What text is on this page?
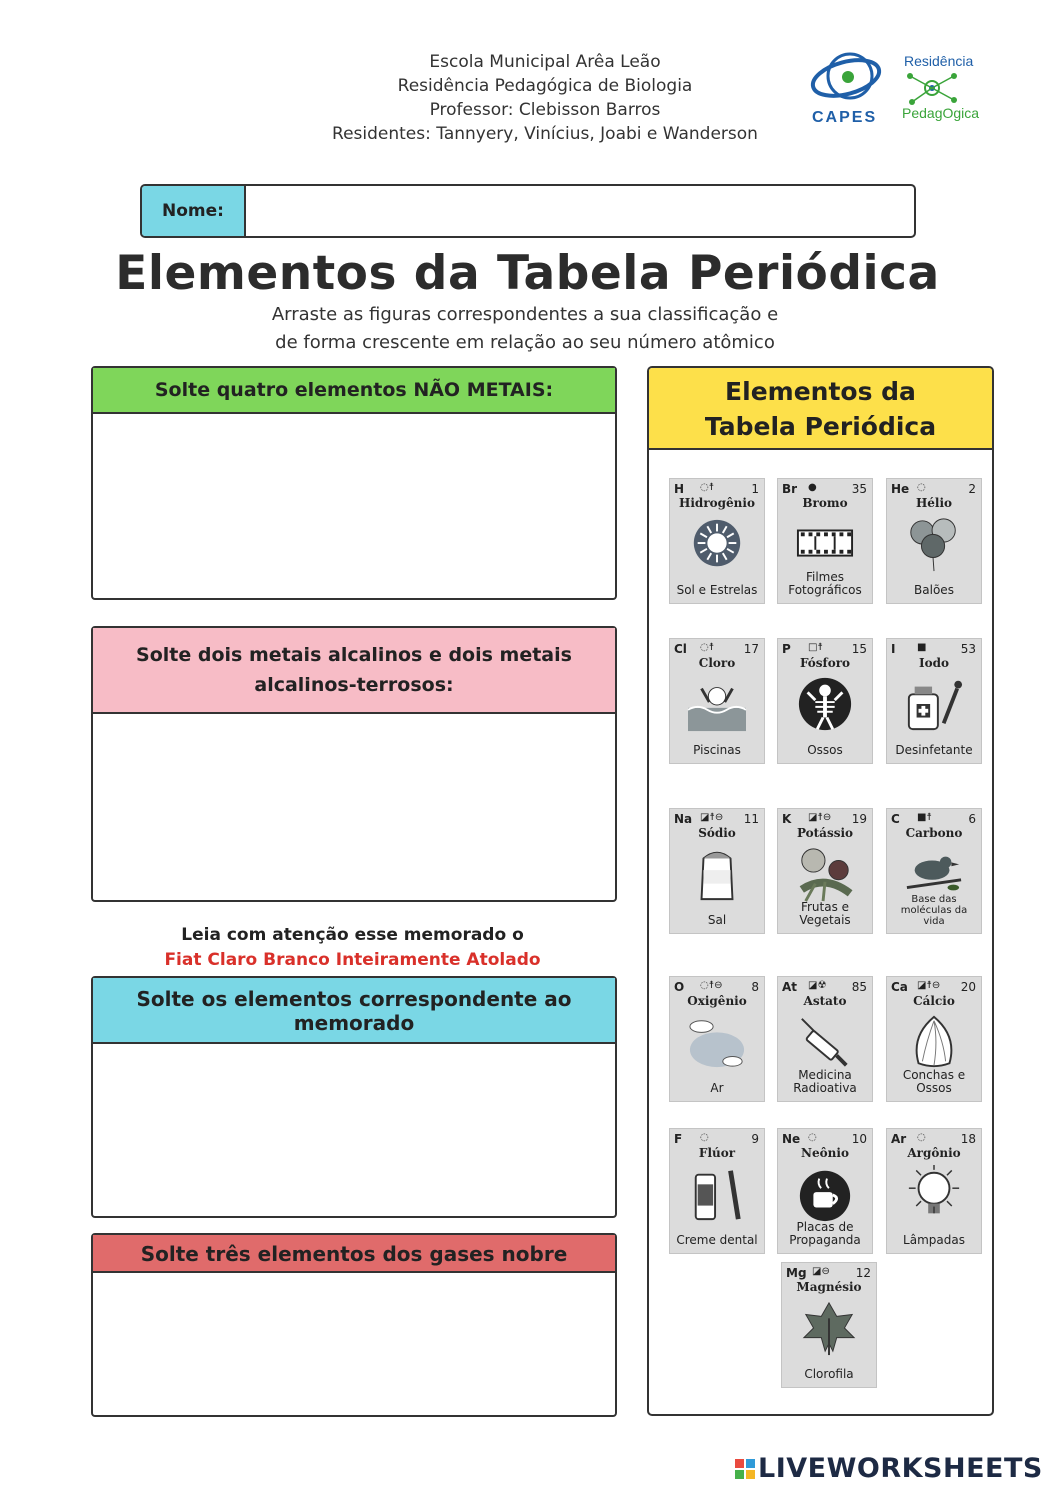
Escola Municipal Arêa Leão
Residência Pedagógica de Biologia
Professor: Clebisson Barros
Residentes: Tannyery, Vinícius, Joabi e Wanderson
CAPES
Residência
PedagOgica
Nome:
Elementos da Tabela Periódica
Arraste as figuras correspondentes a sua classificação e
de forma crescente em relação ao seu número atômico
Solte quatro elementos NÃO METAIS:
Solte dois metais alcalinos e dois metais
alcalinos-terrosos:
Leia com atenção esse memorado o
Fiat Claro Branco Inteiramente Atolado
Solte os elementos correspondente ao
memorado
Solte três elementos dos gases nobre
Elementos da
Tabela Periódica
H ◌☨	1
Hidrogênio
Sol e Estrelas
Br ●	35
Bromo
Filmes Fotográficos
He ◌	2
Hélio
Balões
Cl ◌☨ 17
Cloro
Piscinas
P □☨ 15
Fósforo
Ossos
I ■	53
Iodo
Desinfetante
Na ◪☨⊖ 11
Sódio
Sal
K ◪☨⊖ 19
Potássio
Frutas e Vegetais
C ■☨	6
Carbono
Base das moléculas da vida
O ◌☨⊖ 8
Oxigênio
Ar
At ◪☢ 85
Astato
Medicina Radioativa
Ca ◪☨⊖ 20
Cálcio
Conchas e Ossos
F ◌	9
Flúor
Creme dental
Ne ◌	10
Neônio
Placas de Propaganda
Ar ◌	18
Argônio
Lâmpadas
Mg ◪⊖ 12
Magnésio
Clorofila
LIVEWORKSHEETS
